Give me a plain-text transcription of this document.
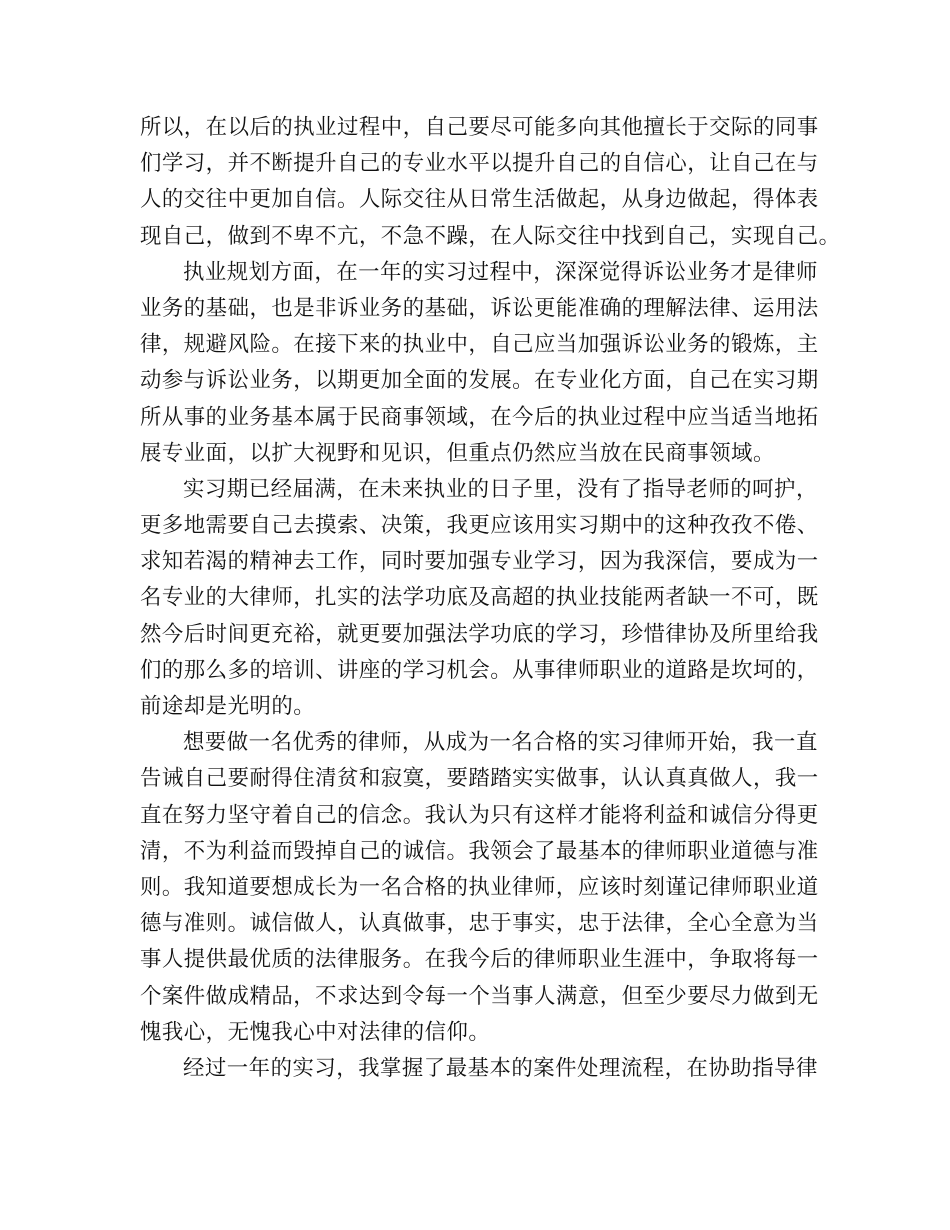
所以，在以后的执业过程中，自己要尽可能多向其他擅长于交际的同事
们学习，并不断提升自己的专业水平以提升自己的自信心，让自己在与
人的交往中更加自信。人际交往从日常生活做起，从身边做起，得体表
现自己，做到不卑不亢，不急不躁，在人际交往中找到自己，实现自己。
执业规划方面，在一年的实习过程中，深深觉得诉讼业务才是律师
业务的基础，也是非诉业务的基础，诉讼更能准确的理解法律、运用法
律，规避风险。在接下来的执业中，自己应当加强诉讼业务的锻炼，主
动参与诉讼业务，以期更加全面的发展。在专业化方面，自己在实习期
所从事的业务基本属于民商事领域，在今后的执业过程中应当适当地拓
展专业面，以扩大视野和见识，但重点仍然应当放在民商事领域。
实习期已经届满，在未来执业的日子里，没有了指导老师的呵护，
更多地需要自己去摸索、决策，我更应该用实习期中的这种孜孜不倦、
求知若渴的精神去工作，同时要加强专业学习，因为我深信，要成为一
名专业的大律师，扎实的法学功底及高超的执业技能两者缺一不可，既
然今后时间更充裕，就更要加强法学功底的学习，珍惜律协及所里给我
们的那么多的培训、讲座的学习机会。从事律师职业的道路是坎坷的，
前途却是光明的。
想要做一名优秀的律师，从成为一名合格的实习律师开始，我一直
告诫自己要耐得住清贫和寂寞，要踏踏实实做事，认认真真做人，我一
直在努力坚守着自己的信念。我认为只有这样才能将利益和诚信分得更
清，不为利益而毁掉自己的诚信。我领会了最基本的律师职业道德与准
则。我知道要想成长为一名合格的执业律师，应该时刻谨记律师职业道
德与准则。诚信做人，认真做事，忠于事实，忠于法律，全心全意为当
事人提供最优质的法律服务。在我今后的律师职业生涯中，争取将每一
个案件做成精品，不求达到令每一个当事人满意，但至少要尽力做到无
愧我心，无愧我心中对法律的信仰。
经过一年的实习，我掌握了最基本的案件处理流程，在协助指导律
